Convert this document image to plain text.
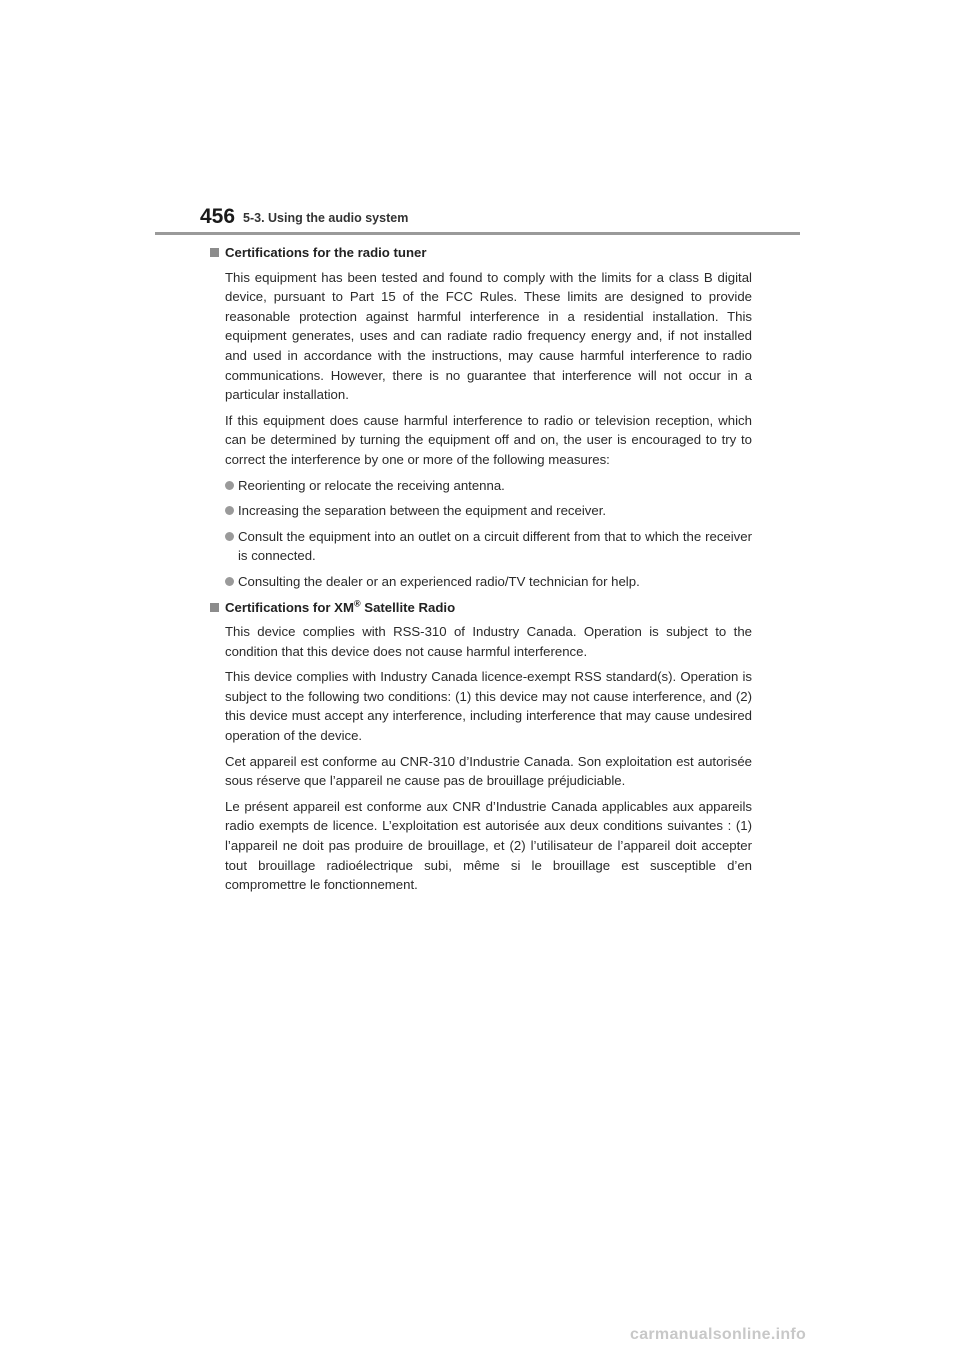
456 5-3. Using the audio system
Certifications for the radio tuner

This equipment has been tested and found to comply with the limits for a class B digital device, pursuant to Part 15 of the FCC Rules. These limits are designed to provide reasonable protection against harmful interference in a residential installation. This equipment generates, uses and can radiate radio frequency energy and, if not installed and used in accordance with the instructions, may cause harmful interference to radio communications. However, there is no guarantee that interference will not occur in a particular installation.

If this equipment does cause harmful interference to radio or television reception, which can be determined by turning the equipment off and on, the user is encouraged to try to correct the interference by one or more of the following measures:

Reorienting or relocate the receiving antenna.
Increasing the separation between the equipment and receiver.
Consult the equipment into an outlet on a circuit different from that to which the receiver is connected.
Consulting the dealer or an experienced radio/TV technician for help.
Certifications for XM® Satellite Radio

This device complies with RSS-310 of Industry Canada. Operation is subject to the condition that this device does not cause harmful interference.

This device complies with Industry Canada licence-exempt RSS standard(s). Operation is subject to the following two conditions: (1) this device may not cause interference, and (2) this device must accept any interference, including interference that may cause undesired operation of the device.

Cet appareil est conforme au CNR-310 d’Industrie Canada. Son exploitation est autorisée sous réserve que l’appareil ne cause pas de brouillage préjudiciable.

Le présent appareil est conforme aux CNR d’Industrie Canada applicables aux appareils radio exempts de licence. L’exploitation est autorisée aux deux conditions suivantes : (1) l’appareil ne doit pas produire de brouillage, et (2) l’utilisateur de l’appareil doit accepter tout brouillage radioélectrique subi, même si le brouillage est susceptible d’en compromettre le fonctionnement.

carmanualsonline.info
